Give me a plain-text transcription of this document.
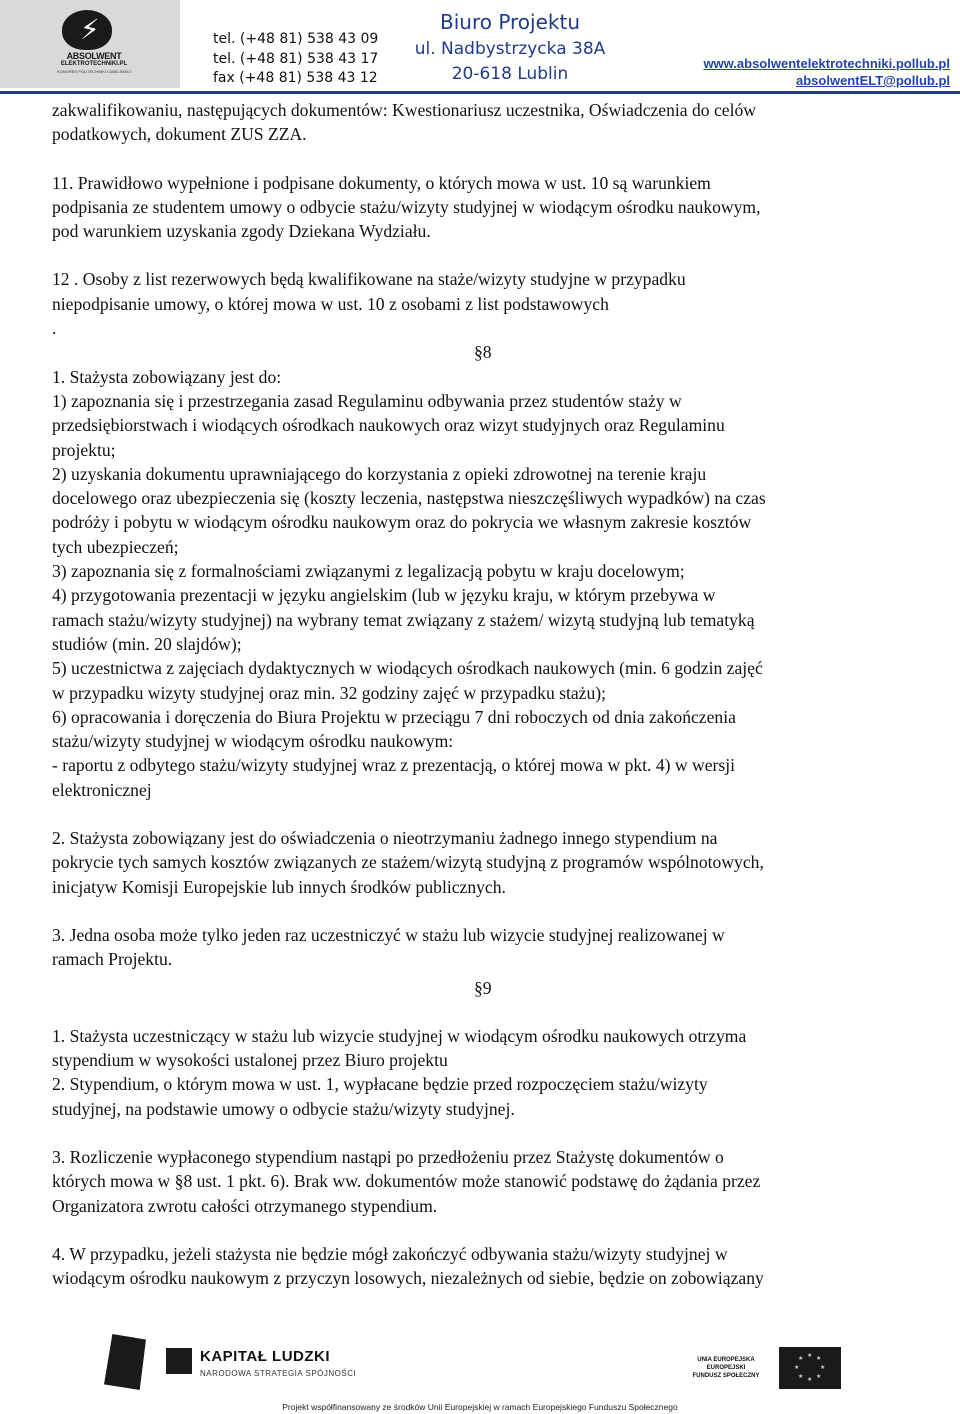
⚡
ABSOLWENT
ELEKTROTECHNIKI.PL
KONGRES POLITECHNIKI LUBELSKIEJ
tel. (+48 81) 538 43 09
tel. (+48 81) 538 43 17
fax (+48 81) 538 43 12
Biuro Projektu
ul. Nadbystrzycka 38A
20-618 Lublin
www.absolwentelektrotechniki.pollub.pl
absolwentELT@pollub.pl

zakwalifikowaniu, następujących dokumentów: Kwestionariusz uczestnika, Oświadczenia do celów

podatkowych, dokument ZUS ZZA.

11. Prawidłowo wypełnione i podpisane dokumenty, o których mowa w ust. 10 są warunkiem

podpisania ze studentem umowy o odbycie stażu/wizyty studyjnej w wiodącym ośrodku naukowym,

pod warunkiem uzyskania zgody Dziekana Wydziału.

12 . Osoby z list rezerwowych będą kwalifikowane na staże/wizyty studyjne w przypadku

niepodpisanie umowy, o której mowa w ust. 10 z osobami z list podstawowych

.

§8

1. Stażysta zobowiązany jest do:

1) zapoznania się i przestrzegania zasad Regulaminu odbywania przez studentów staży w

przedsiębiorstwach i wiodących ośrodkach naukowych oraz wizyt studyjnych oraz Regulaminu

projektu;

2) uzyskania dokumentu uprawniającego do korzystania z opieki zdrowotnej na terenie kraju

docelowego oraz ubezpieczenia się (koszty leczenia, następstwa nieszczęśliwych wypadków) na czas

podróży i pobytu w wiodącym ośrodku naukowym oraz do pokrycia we własnym zakresie kosztów

tych ubezpieczeń;

3) zapoznania się z formalnościami związanymi z legalizacją pobytu w kraju docelowym;

4) przygotowania prezentacji w języku angielskim (lub w języku kraju, w którym przebywa w

ramach stażu/wizyty studyjnej) na wybrany temat związany z stażem/ wizytą studyjną lub tematyką

studiów (min. 20 slajdów);

5) uczestnictwa z zajęciach dydaktycznych w wiodących ośrodkach naukowych (min. 6 godzin zajęć

w przypadku wizyty studyjnej oraz min. 32 godziny zajęć w przypadku stażu);

6) opracowania i doręczenia do Biura Projektu w przeciągu 7 dni roboczych od dnia zakończenia

stażu/wizyty studyjnej w wiodącym ośrodku naukowym:

- raportu z odbytego stażu/wizyty studyjnej wraz z prezentacją, o której mowa w pkt. 4) w wersji

elektronicznej

2. Stażysta zobowiązany jest do oświadczenia o nieotrzymaniu żadnego innego stypendium na

pokrycie tych samych kosztów związanych ze stażem/wizytą studyjną z programów wspólnotowych,

inicjatyw Komisji Europejskie lub innych środków publicznych.

3. Jedna osoba może tylko jeden raz uczestniczyć w stażu lub wizycie studyjnej realizowanej w

ramach Projektu.

§9

1. Stażysta uczestniczący w stażu lub wizycie studyjnej w wiodącym ośrodku naukowych otrzyma

stypendium w wysokości ustalonej przez Biuro projektu

2. Stypendium, o którym mowa w ust. 1, wypłacane będzie przed rozpoczęciem stażu/wizyty

studyjnej, na podstawie umowy o odbycie stażu/wizyty studyjnej.

3. Rozliczenie wypłaconego stypendium nastąpi po przedłożeniu przez Stażystę dokumentów o

których mowa w §8 ust. 1 pkt. 6). Brak ww. dokumentów może stanowić podstawę do żądania przez

Organizatora zwrotu całości otrzymanego stypendium.

4. W przypadku, jeżeli stażysta nie będzie mógł zakończyć odbywania stażu/wizyty studyjnej w

wiodącym ośrodku naukowym z przyczyn losowych, niezależnych od siebie, będzie on zobowiązany

KAPITAŁ LUDZKI
NARODOWA STRATEGIA SPÓJNOŚCI
UNIA EUROPEJSKA
EUROPEJSKI
FUNDUSZ SPOŁECZNY
★ ★
★
★
★
★
★
★
Projekt współfinansowany ze środków Unii Europejskiej w ramach Europejskiego Funduszu Społecznego
